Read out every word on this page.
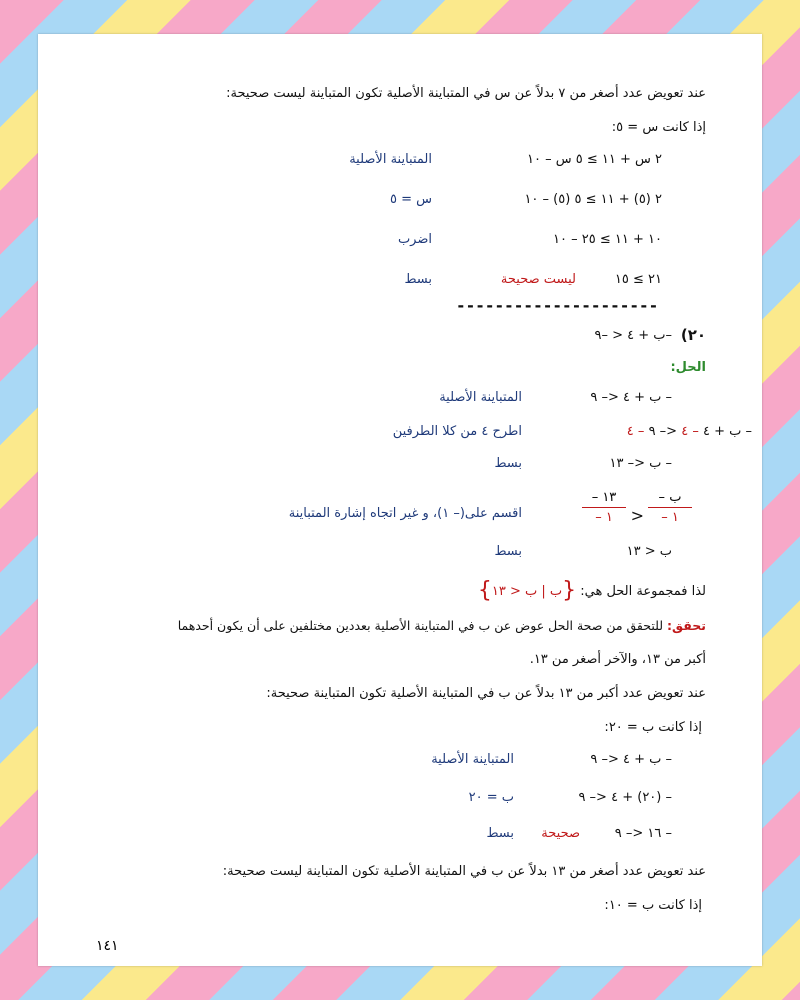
عند تعويض عدد أصغر من ٧ بدلاً عن س في المتباينة الأصلية تكون المتباينة ليست صحيحة:
إذا كانت س = ٥:
٢ س + ١١ ≥ ٥ س – ١٠
المتباينة الأصلية
٢ (٥) + ١١ ≥ ٥ (٥) – ١٠
س = ٥
١٠ + ١١ ≥ ٢٥ – ١٠
اضرب
٢١ ≥ ١٥
ليست صحيحة
بسط
---------------------
٢٠)
–ب + ٤ < –٩
الحل:
– ب + ٤ <– ٩
المتباينة الأصلية
– ب + ٤ – ٤ <– ٩ – ٤
اطرح ٤ من كلا الطرفين
– ب <– ١٣
بسط
– ب
– ١
<
– ١٣
– ١
اقسم على(– ١)، و غير اتجاه إشارة المتباينة
ب < ١٣
بسط
لذا فمجموعة الحل هي: {ب | ب < ١٣}
تحقق: للتحقق من صحة الحل عوض عن ب في المتباينة الأصلية بعددين مختلفين على أن يكون أحدهما
أكبر من ١٣، والآخر أصغر من ١٣.
عند تعويض عدد أكبر من ١٣ بدلاً عن ب في المتباينة الأصلية تكون المتباينة صحيحة:
إذا كانت ب = ٢٠:
– ب + ٤ <– ٩
المتباينة الأصلية
– (٢٠) + ٤ <– ٩
ب = ٢٠
– ١٦ <– ٩
صحيحة
بسط
عند تعويض عدد أصغر من ١٣ بدلاً عن ب في المتباينة الأصلية تكون المتباينة ليست صحيحة:
إذا كانت ب = ١٠:
١٤١
